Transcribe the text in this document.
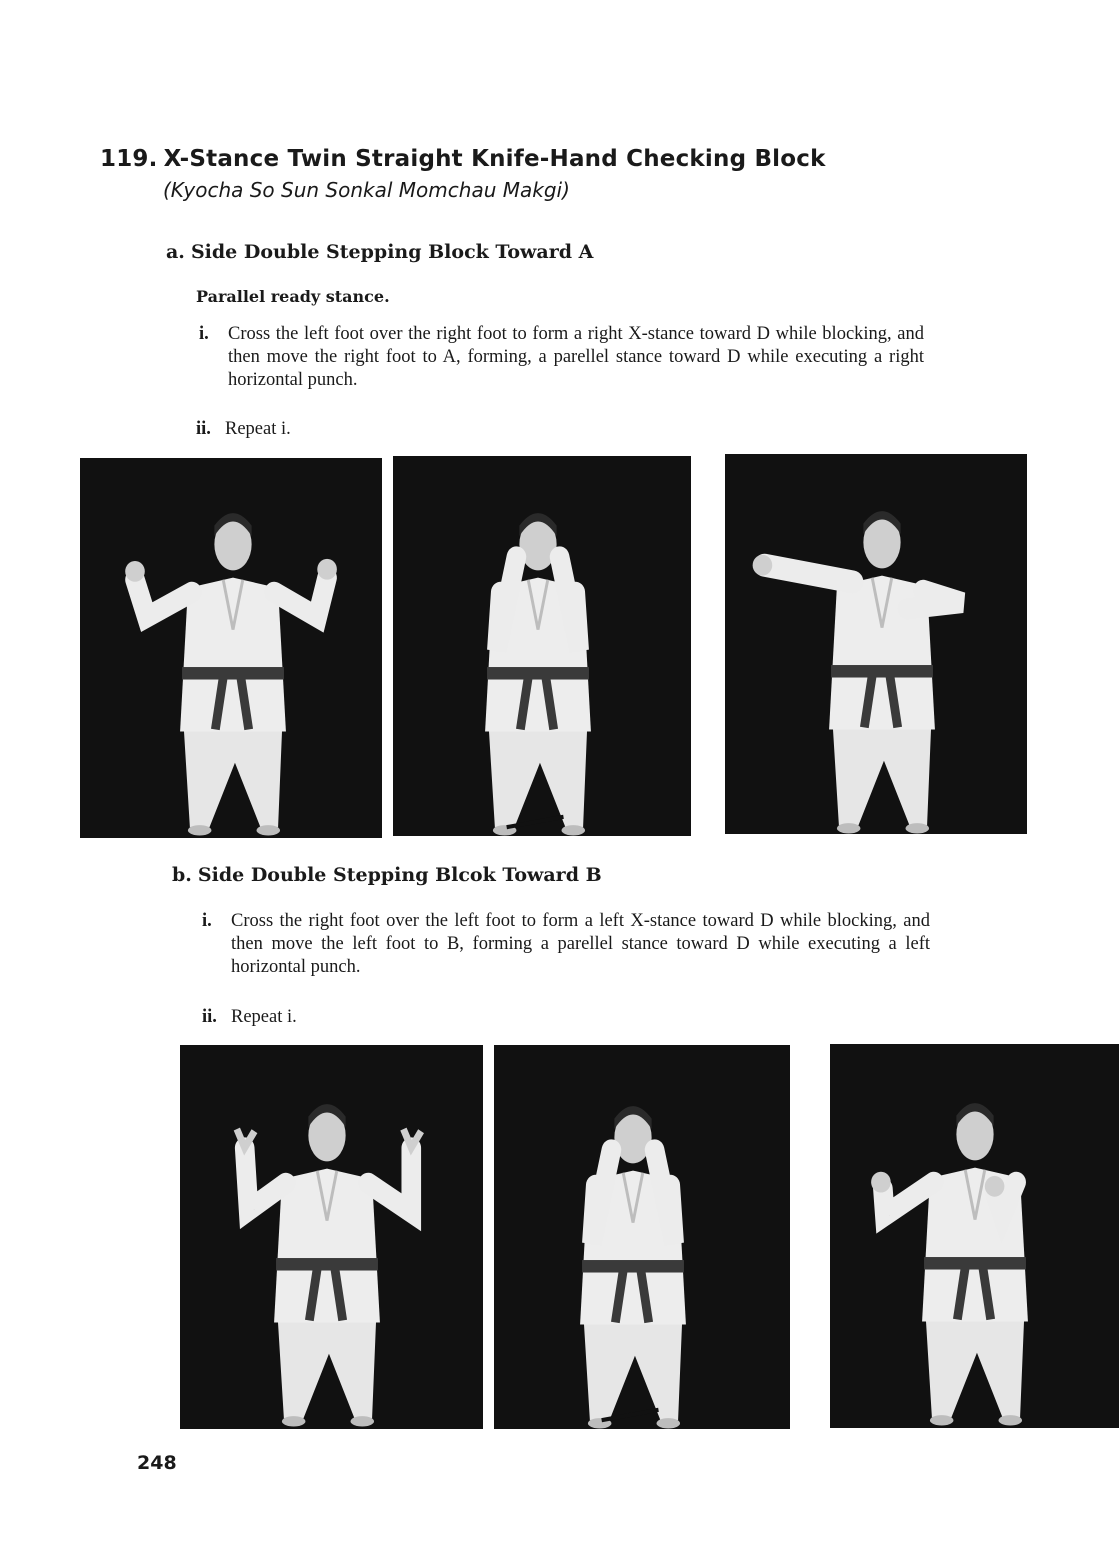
119. X-Stance Twin Straight Knife-Hand Checking Block
(Kyocha So Sun Sonkal Momchau Makgi)
a. Side Double Stepping Block Toward A
Parallel ready stance.
i. Cross the left foot over the right foot to form a right X-stance toward D while blocking, and then move the right foot to A, forming, a parellel stance toward D while executing a right horizontal punch.
ii. Repeat i.
b. Side Double Stepping Blcok Toward B
i. Cross the right foot over the left foot to form a left X-stance toward D while blocking, and then move the left foot to B, forming a parellel stance toward D while executing a left horizontal punch.
ii. Repeat i.
248
